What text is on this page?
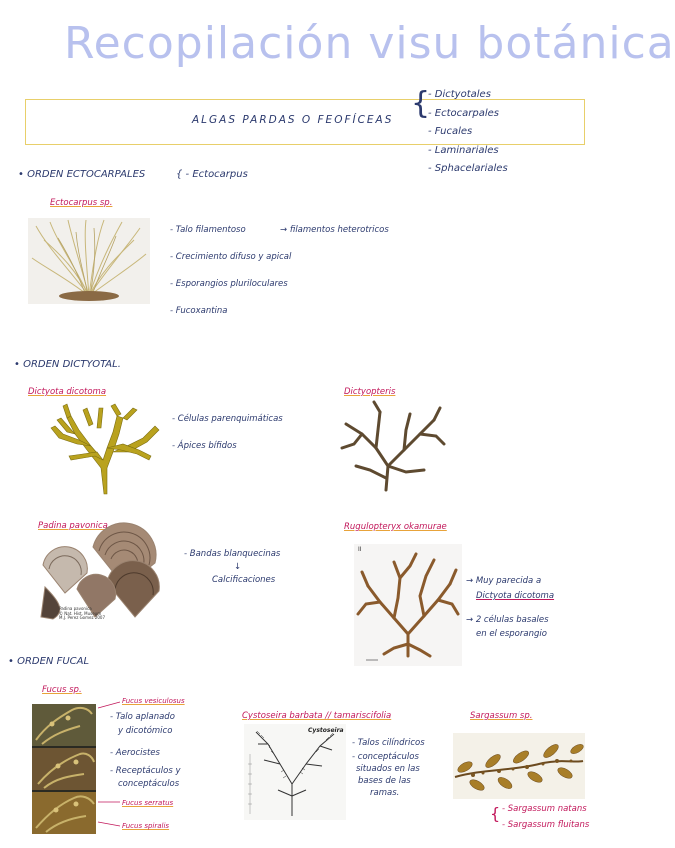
Recopilación visu botánica
ALGAS PARDAS O FEOFÍCEAS {
- Dictyotales
- Ectocarpales
- Fucales
- Laminariales
- Sphacelariales
• ORDEN ECTOCARPALES	{ - Ectocarpus
Ectocarpus sp.
- Talo filamentoso	→ filamentos heterotricos
- Crecimiento difuso y apical
- Esporangios pluriloculares
- Fucoxantina
• ORDEN DICTYOTAL.
Dictyota dicotoma
- Células parenquimáticas
- Ápices bífidos
Dictyopteris
Padina pavonica
Padina pavonica
© Nat. Hist. Museum
M.J. Perez Gomez 2007
- Bandas blanquecinas
↓
Calcificaciones
Rugulopteryx okamurae
II
→ Muy parecida a
Dictyota dicotoma
→ 2 células basales
en el esporangio
• ORDEN FUCAL
Fucus sp.
Fucus vesiculosus
Fucus serratus
Fucus spiralis
- Talo aplanado
y dicotómico
- Aerocistes
- Receptáculos y
conceptáculos
Cystoseira barbata // tamariscifolia
Cystoseira
- Talos cilíndricos
- conceptáculos
situados en las
bases de las
ramas.
Sargassum sp.
{ - Sargassum natans
- Sargassum fluitans
